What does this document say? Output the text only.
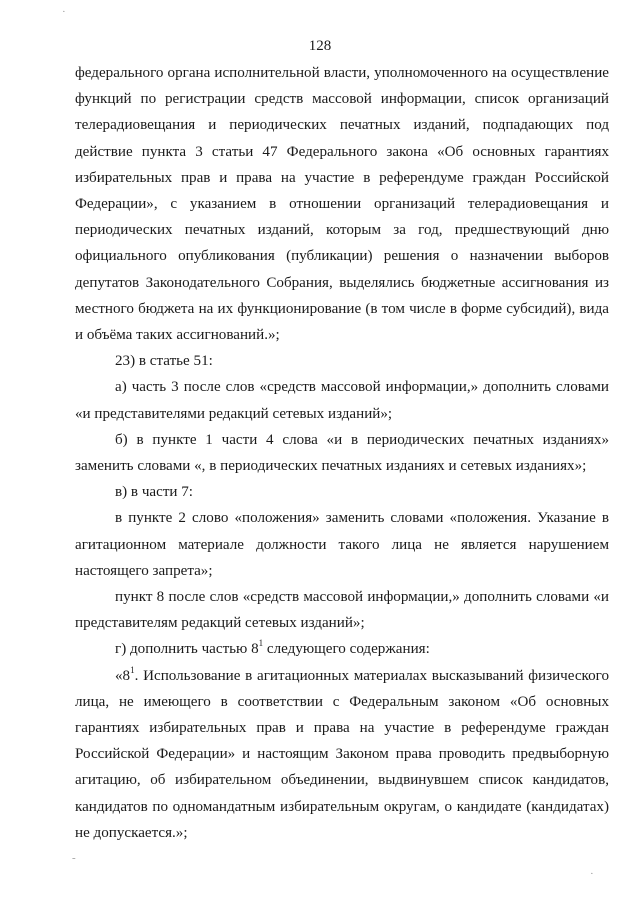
128
·
-
·

федерального органа исполнительной власти, уполномоченного на осуществление функций по регистрации средств массовой информации, список организаций телерадиовещания и периодических печатных изданий, подпадающих под действие пункта 3 статьи 47 Федерального закона «Об основных гарантиях избирательных прав и права на участие в референдуме граждан Российской Федерации», с указанием в отношении организаций телерадиовещания и периодических печатных изданий, которым за год, предшествующий дню официального опубликования (публикации) решения о назначении выборов депутатов Законодательного Собрания, выделялись бюджетные ассигнования из местного бюджета на их функционирование (в том числе в форме субсидий), вида и объёма таких ассигнований.»;

23) в статье 51:

а) часть 3 после слов «средств массовой информации,» дополнить словами «и представителями редакций сетевых изданий»;

б) в пункте 1 части 4 слова «и в периодических печатных изданиях» заменить словами «, в периодических печатных изданиях и сетевых изданиях»;

в) в части 7:

в пункте 2 слово «положения» заменить словами «положения. Указание в агитационном материале должности такого лица не является нарушением настоящего запрета»;

пункт 8 после слов «средств массовой информации,» дополнить словами «и представителям редакций сетевых изданий»;

г) дополнить частью $8^1$ следующего содержания:

«$8^1$. Использование в агитационных материалах высказываний физического лица, не имеющего в соответствии с Федеральным законом «Об основных гарантиях избирательных прав и права на участие в референдуме граждан Российской Федерации» и настоящим Законом права проводить предвыборную агитацию, об избирательном объединении, выдвинувшем список кандидатов, кандидатов по одномандатным избирательным округам, о кандидате (кандидатах) не допускается.»;
